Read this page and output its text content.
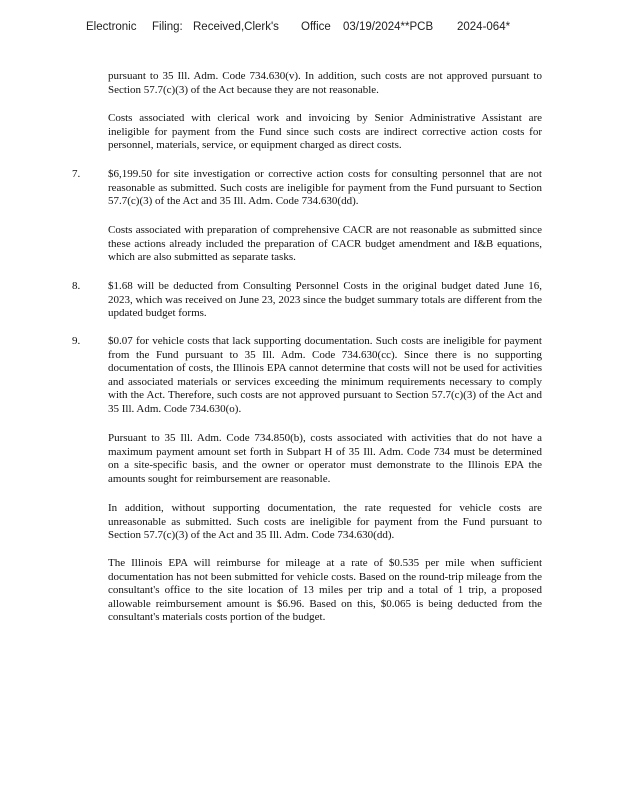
Electronic Filing: Received,Clerk's Office 03/19/2024**PCB 2024-064*

pursuant to 35 Ill. Adm. Code 734.630(v). In addition, such costs are not approved pursuant to Section 57.7(c)(3) of the Act because they are not reasonable.

Costs associated with clerical work and invoicing by Senior Administrative Assistant are ineligible for payment from the Fund since such costs are indirect corrective action costs for personnel, materials, service, or equipment charged as direct costs.

7.	$6,199.50 for site investigation or corrective action costs for consulting personnel that are not reasonable as submitted. Such costs are ineligible for payment from the Fund pursuant to Section 57.7(c)(3) of the Act and 35 Ill. Adm. Code 734.630(dd).

Costs associated with preparation of comprehensive CACR are not reasonable as submitted since these actions already included the preparation of CACR budget amendment and I&B equations, which are also submitted as separate tasks.

8.	$1.68 will be deducted from Consulting Personnel Costs in the original budget dated June 16, 2023, which was received on June 23, 2023 since the budget summary totals are different from the updated budget forms.

9.	$0.07 for vehicle costs that lack supporting documentation. Such costs are ineligible for payment from the Fund pursuant to 35 Ill. Adm. Code 734.630(cc). Since there is no supporting documentation of costs, the Illinois EPA cannot determine that costs will not be used for activities and associated materials or services exceeding the minimum requirements necessary to comply with the Act. Therefore, such costs are not approved pursuant to Section 57.7(c)(3) of the Act and 35 Ill. Adm. Code 734.630(o).

Pursuant to 35 Ill. Adm. Code 734.850(b), costs associated with activities that do not have a maximum payment amount set forth in Subpart H of 35 Ill. Adm. Code 734 must be determined on a site-specific basis, and the owner or operator must demonstrate to the Illinois EPA the amounts sought for reimbursement are reasonable.

In addition, without supporting documentation, the rate requested for vehicle costs are unreasonable as submitted. Such costs are ineligible for payment from the Fund pursuant to Section 57.7(c)(3) of the Act and 35 Ill. Adm. Code 734.630(dd).

The Illinois EPA will reimburse for mileage at a rate of $0.535 per mile when sufficient documentation has not been submitted for vehicle costs. Based on the round-trip mileage from the consultant's office to the site location of 13 miles per trip and a total of 1 trip, a proposed allowable reimbursement amount is $6.96. Based on this, $0.065 is being deducted from the consultant's materials costs portion of the budget.
